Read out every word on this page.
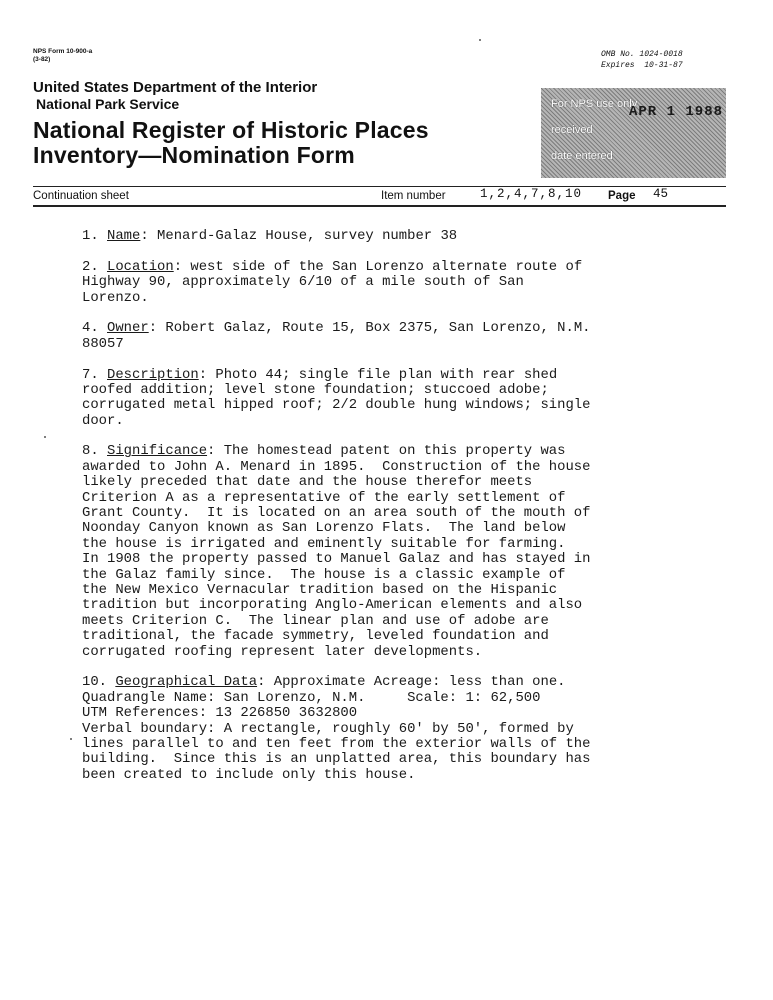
NPS Form 10-900-a
(3-82)
OMB No. 1024-0018
Expires  10-31-87
United States Department of the Interior
National Park Service
National Register of Historic Places
Inventory—Nomination Form
For NPS use only
received
date entered
APR 1 1988
Continuation sheet	Item number	1,2,4,7,8,10 Page 45
1. Name: Menard-Galaz House, survey number 38
2. Location: west side of the San Lorenzo alternate route of
Highway 90, approximately 6/10 of a mile south of San
Lorenzo.
4. Owner: Robert Galaz, Route 15, Box 2375, San Lorenzo, N.M.
88057
7. Description: Photo 44; single file plan with rear shed
roofed addition; level stone foundation; stuccoed adobe;
corrugated metal hipped roof; 2/2 double hung windows; single
door.
8. Significance: The homestead patent on this property was
awarded to John A. Menard in 1895.  Construction of the house
likely preceded that date and the house therefor meets
Criterion A as a representative of the early settlement of
Grant County.  It is located on an area south of the mouth of
Noonday Canyon known as San Lorenzo Flats.  The land below
the house is irrigated and eminently suitable for farming.
In 1908 the property passed to Manuel Galaz and has stayed in
the Galaz family since.  The house is a classic example of
the New Mexico Vernacular tradition based on the Hispanic
tradition but incorporating Anglo-American elements and also
meets Criterion C.  The linear plan and use of adobe are
traditional, the facade symmetry, leveled foundation and
corrugated roofing represent later developments.
10. Geographical Data: Approximate Acreage: less than one.
Quadrangle Name: San Lorenzo, N.M.     Scale: 1: 62,500
UTM References: 13 226850 3632800
Verbal boundary: A rectangle, roughly 60' by 50', formed by
lines parallel to and ten feet from the exterior walls of the
building.  Since this is an unplatted area, this boundary has
been created to include only this house.
